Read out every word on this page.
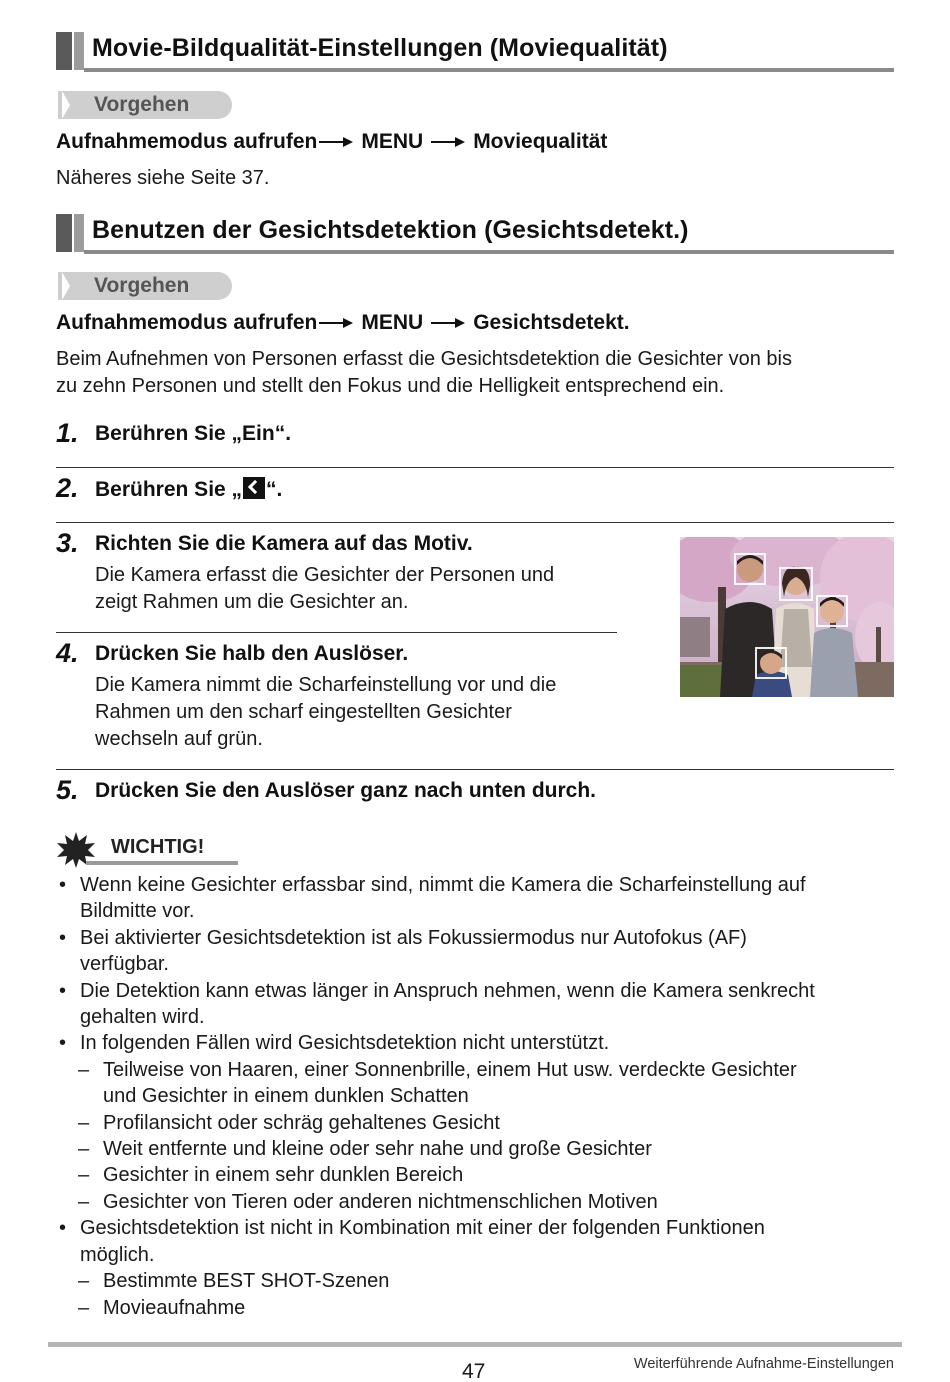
Movie-Bildqualität-Einstellungen (Moviequalität)
Vorgehen
Aufnahmemodus aufrufen MENU Moviequalität
Näheres siehe Seite 37.
Benutzen der Gesichtsdetektion (Gesichtsdetekt.)
Vorgehen
Aufnahmemodus aufrufen MENU Gesichtsdetekt.
Beim Aufnehmen von Personen erfasst die Gesichtsdetektion die Gesichter von bis
zu zehn Personen und stellt den Fokus und die Helligkeit entsprechend ein.
1. Berühren Sie „Ein“.
2. Berühren Sie „ “.
3. Richten Sie die Kamera auf das Motiv.
Die Kamera erfasst die Gesichter der Personen und
zeigt Rahmen um die Gesichter an.
4. Drücken Sie halb den Auslöser.
Die Kamera nimmt die Scharfeinstellung vor und die
Rahmen um den scharf eingestellten Gesichter
wechseln auf grün.
5. Drücken Sie den Auslöser ganz nach unten durch.
WICHTIG!
• Wenn keine Gesichter erfassbar sind, nimmt die Kamera die Scharfeinstellung auf
Bildmitte vor.
• Bei aktivierter Gesichtsdetektion ist als Fokussiermodus nur Autofokus (AF)
verfügbar.
• Die Detektion kann etwas länger in Anspruch nehmen, wenn die Kamera senkrecht
gehalten wird.
• In folgenden Fällen wird Gesichtsdetektion nicht unterstützt.
– Teilweise von Haaren, einer Sonnenbrille, einem Hut usw. verdeckte Gesichter
und Gesichter in einem dunklen Schatten
– Profilansicht oder schräg gehaltenes Gesicht
– Weit entfernte und kleine oder sehr nahe und große Gesichter
– Gesichter in einem sehr dunklen Bereich
– Gesichter von Tieren oder anderen nichtmenschlichen Motiven
• Gesichtsdetektion ist nicht in Kombination mit einer der folgenden Funktionen
möglich.
– Bestimmte BEST SHOT-Szenen
– Movieaufnahme
47	Weiterführende Aufnahme-Einstellungen
